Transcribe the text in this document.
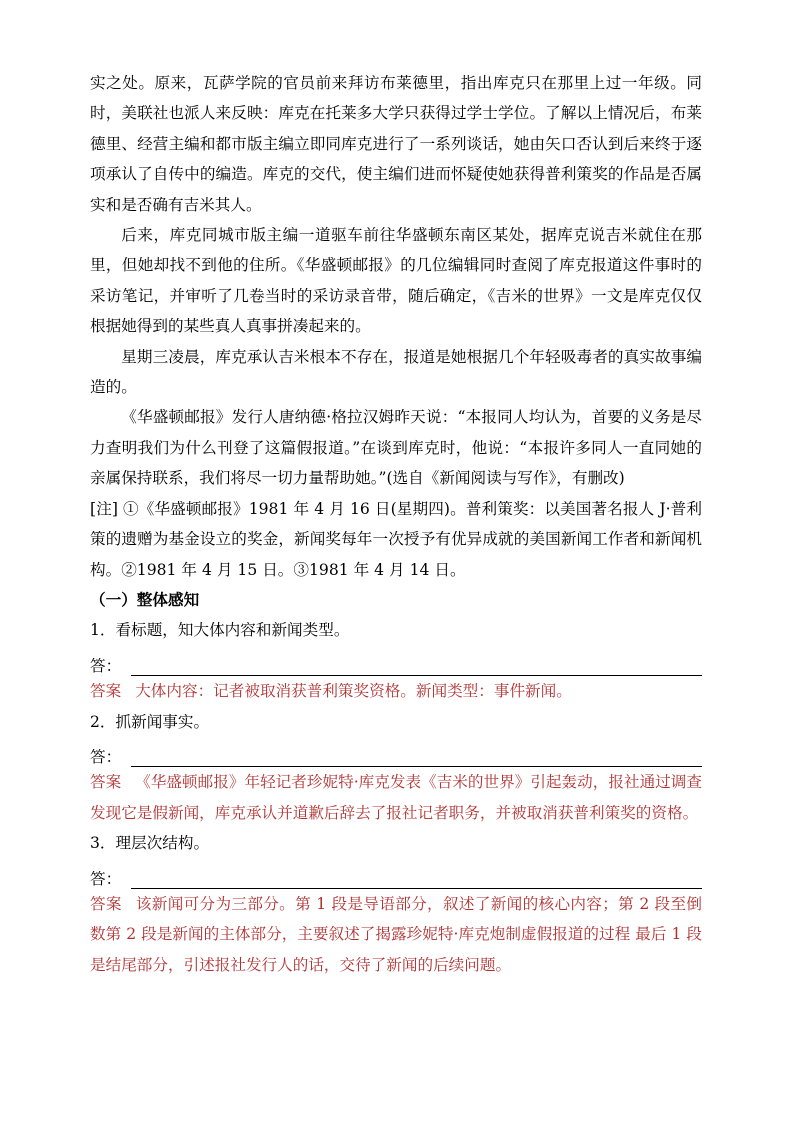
实之处。原来，瓦萨学院的官员前来拜访布莱德里，指出库克只在那里上过一年级。同时，美联社也派人来反映：库克在托莱多大学只获得过学士学位。了解以上情况后，布莱德里、经营主编和都市版主编立即同库克进行了一系列谈话，她由矢口否认到后来终于逐项承认了自传中的编造。库克的交代，使主编们进而怀疑使她获得普利策奖的作品是否属实和是否确有吉米其人。

后来，库克同城市版主编一道驱车前往华盛顿东南区某处，据库克说吉米就住在那里，但她却找不到他的住所。《华盛顿邮报》的几位编辑同时查阅了库克报道这件事时的采访笔记，并审听了几卷当时的采访录音带，随后确定，《吉米的世界》一文是库克仅仅根据她得到的某些真人真事拼凑起来的。

星期三凌晨，库克承认吉米根本不存在，报道是她根据几个年轻吸毒者的真实故事编造的。

《华盛顿邮报》发行人唐纳德·格拉汉姆昨天说：“本报同人均认为，首要的义务是尽力查明我们为什么刊登了这篇假报道。”在谈到库克时，他说：“本报许多同人一直同她的亲属保持联系，我们将尽一切力量帮助她。”(选自《新闻阅读与写作》，有删改)

[注] ①《华盛顿邮报》1981 年 4 月 16 日(星期四)。普利策奖：以美国著名报人 J·普利策的遗赠为基金设立的奖金，新闻奖每年一次授予有优异成就的美国新闻工作者和新闻机构。②1981 年 4 月 15 日。③1981 年 4 月 14 日。

（一）整体感知

1．看标题，知大体内容和新闻类型。

答：

答案 大体内容：记者被取消获普利策奖资格。新闻类型：事件新闻。

2．抓新闻事实。

答：

答案 《华盛顿邮报》年轻记者珍妮特·库克发表《吉米的世界》引起轰动，报社通过调查发现它是假新闻，库克承认并道歉后辞去了报社记者职务，并被取消获普利策奖的资格。

3．理层次结构。

答：

答案 该新闻可分为三部分。第 1 段是导语部分，叙述了新闻的核心内容；第 2 段至倒数第 2 段是新闻的主体部分，主要叙述了揭露珍妮特·库克炮制虚假报道的过程 最后 1 段是结尾部分，引述报社发行人的话，交待了新闻的后续问题。
